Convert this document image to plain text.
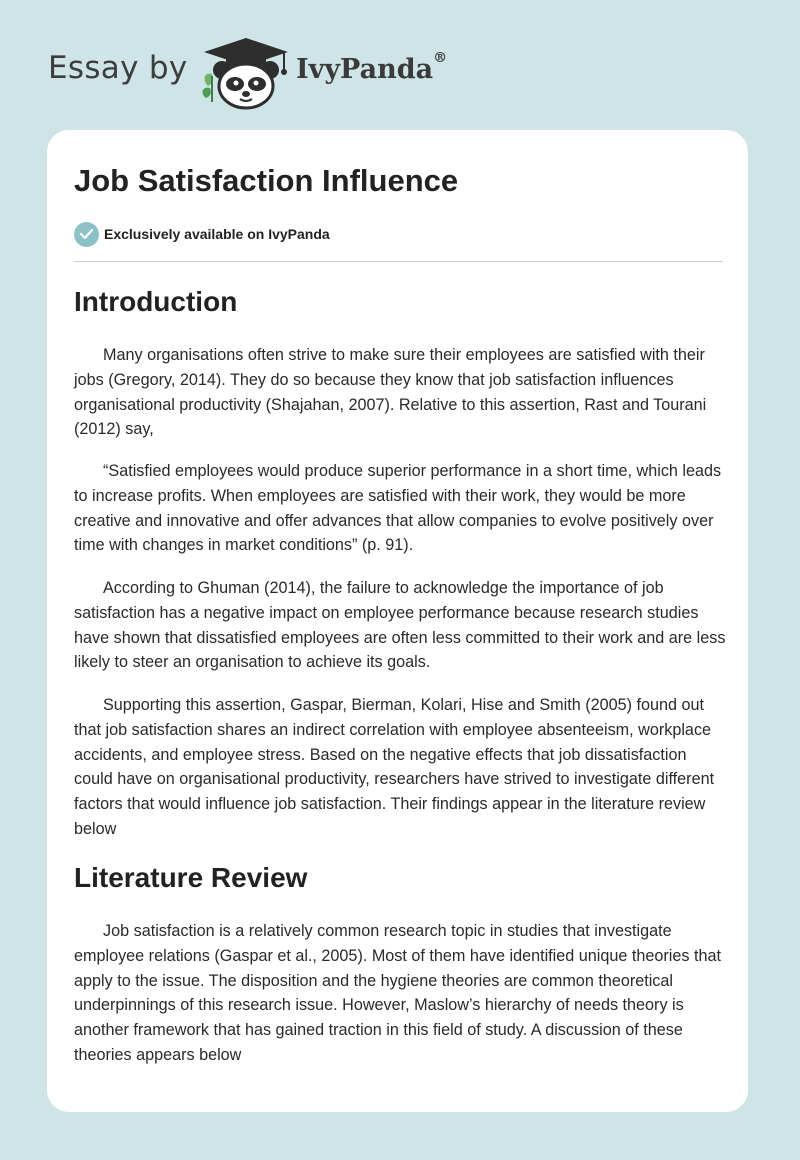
Essay by	IvyPanda®
Job Satisfaction Influence
Exclusively available on IvyPanda
Introduction

Many organisations often strive to make sure their employees are satisfied with their jobs (Gregory, 2014). They do so because they know that job satisfaction influences organisational productivity (Shajahan, 2007). Relative to this assertion, Rast and Tourani (2012) say,

“Satisfied employees would produce superior performance in a short time, which leads to increase profits. When employees are satisfied with their work, they would be more creative and innovative and offer advances that allow companies to evolve positively over time with changes in market conditions” (p. 91).

According to Ghuman (2014), the failure to acknowledge the importance of job satisfaction has a negative impact on employee performance because research studies have shown that dissatisfied employees are often less committed to their work and are less likely to steer an organisation to achieve its goals.

Supporting this assertion, Gaspar, Bierman, Kolari, Hise and Smith (2005) found out that job satisfaction shares an indirect correlation with employee absenteeism, workplace accidents, and employee stress. Based on the negative effects that job dissatisfaction could have on organisational productivity, researchers have strived to investigate different factors that would influence job satisfaction. Their findings appear in the literature review below

Literature Review

Job satisfaction is a relatively common research topic in studies that investigate employee relations (Gaspar et al., 2005). Most of them have identified unique theories that apply to the issue. The disposition and the hygiene theories are common theoretical underpinnings of this research issue. However, Maslow’s hierarchy of needs theory is another framework that has gained traction in this field of study. A discussion of these theories appears below
